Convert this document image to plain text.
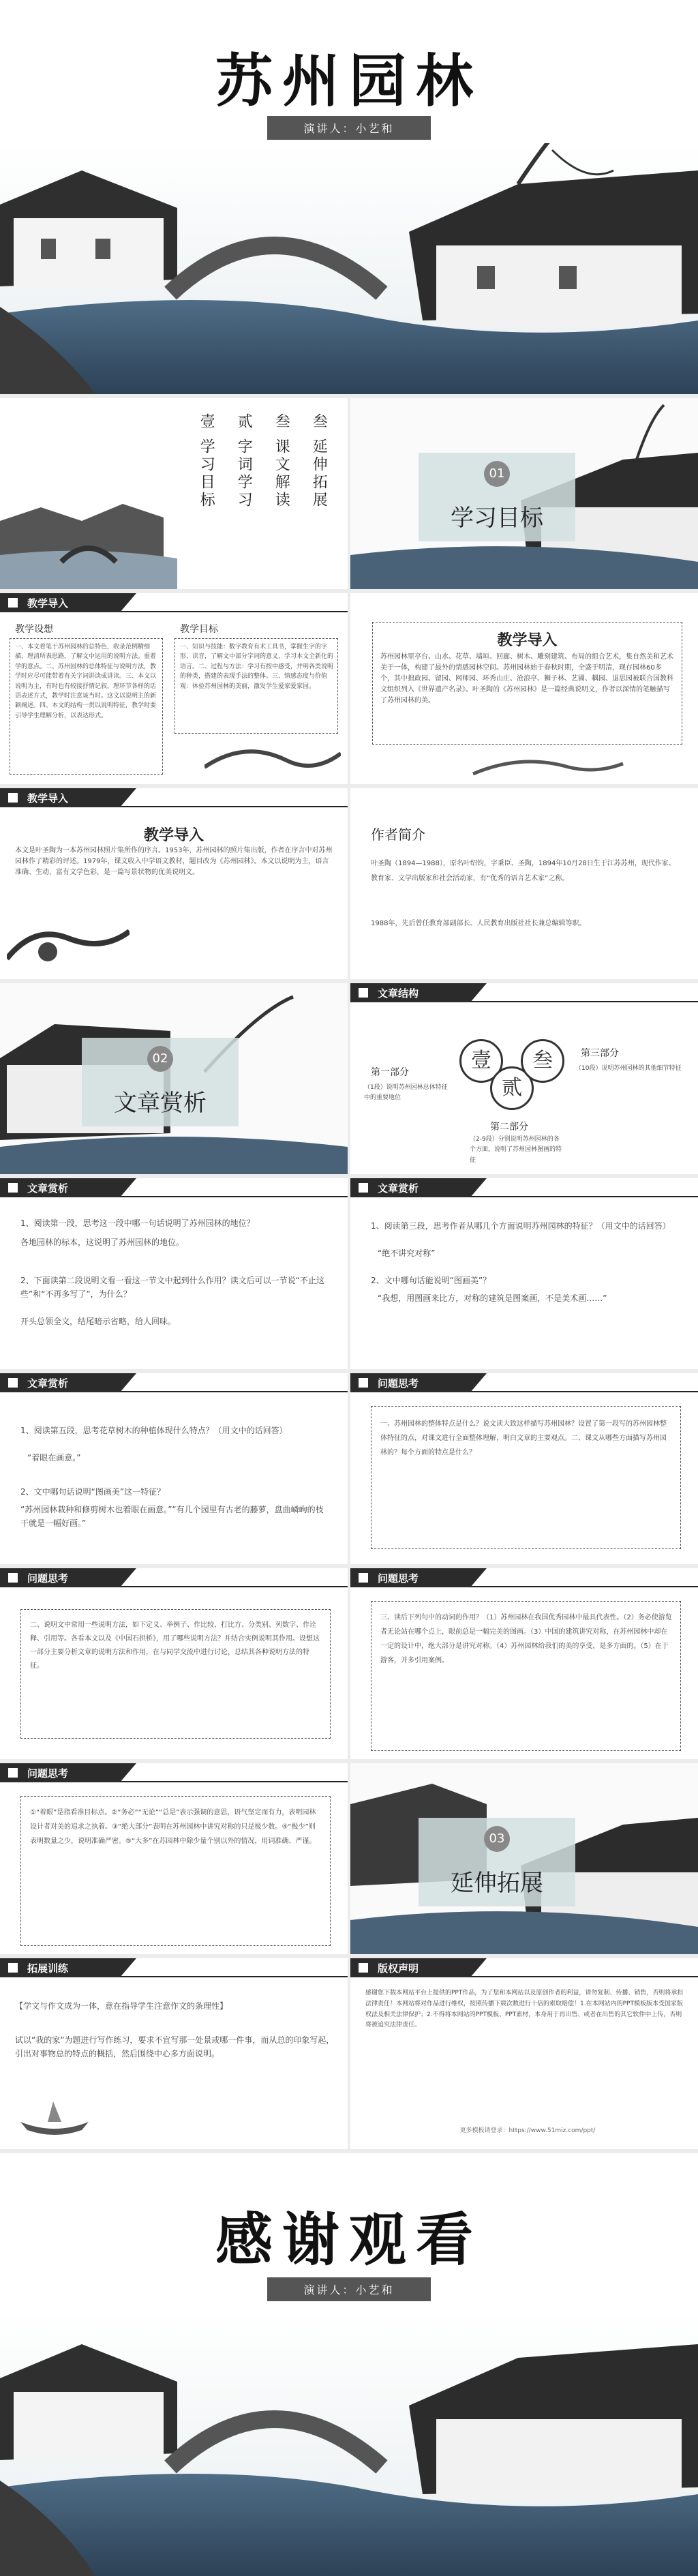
苏州园林
演讲人：小艺和
壹 学习目标
贰 字词学习
叁 课文解读
叁 延伸拓展	01
学习目标
教学导入
教学设想
一、本文着笔于苏州园林的总特色，收录范例精细描，理清所表思路，了解文中运用的说明方法。重着学的意点。二、苏州园林的总体特征与说明方法，教学时应尽可能带着有关字词讲读成讲读。三、本文以说明为主，有时也有较接抒情记叙，理环节各样的话语表述方式，教学时注意该当时。这文以说明主的新颖阐述。四、本文的结构一贯以说明特征，教学时要引导学生理解分析，以表达形式。
教学目标
一、知识与技能：数字教育有术工具书，掌握生字的字形、读音，了解文中部分字词的意义，学习本文全新化的语言。二、过程与方法：学习有按中感受，并明各类说明的种类，搭建的表现手法的整体。三、情感态度与价值观：体验苏州园林的美丽，激发学生爱家爱家园。
教学导入
苏州园林里亭台、山水、花草、墙垣、回廊、树木、雕刻建筑、布局的组合艺术，集自然美和艺术美于一体，构建了最外的情感园林空间。苏州园林始于春秋时期，全盛于明清，现存园林60多个，其中拙政园、留园、网师园、环秀山庄、沧浪亭、狮子林、艺圃、耦园、退思园被联合国教科文组织列入《世界遗产名录》。叶圣陶的《苏州园林》是一篇经典说明文，作者以深情的笔触描写了苏州园林的美。
教学导入
教学导入
本文是叶圣陶为一本苏州园林照片集所作的序言。1953年，苏州园林的照片集出版，作者在序言中对苏州园林作了精彩的评述。1979年，课文收入中学语文教材，题目改为《苏州园林》。本文以说明为主，语言准确、生动，富有文学色彩，是一篇写景状物的优美说明文。
作者简介
叶圣陶（1894—1988），原名叶绍钧，字秉臣、圣陶，1894年10月28日生于江苏苏州，现代作家、教育家、文学出版家和社会活动家，有“优秀的语言艺术家”之称。
1988年，先后曾任教育部副部长、人民教育出版社社长兼总编辑等职。
02
文章赏析
文章结构
壹
贰
叁
第一部分
（1段）说明苏州园林总体特征中的重要地位
第二部分
（2-9段）分别说明苏州园林的各个方面，说明了苏州园林图画的特征
第三部分
（10段）说明苏州园林的其他细节特征
文章赏析
1、阅读第一段，思考这一段中哪一句话说明了苏州园林的地位？
各地园林的标本，这说明了苏州园林的地位。
2、下面读第二段说明文看一看这一节文中起到什么作用？读文后可以一节说“不止这些”和“不再多写了”，为什么？
开头总领全文，结尾暗示省略，给人回味。
文章赏析
1、阅读第三段，思考作者从哪几个方面说明苏州园林的特征？（用文中的话回答）
“绝不讲究对称”
2、文中哪句话能说明“图画美”？
“我想，用图画来比方，对称的建筑是图案画，不是美术画……”
文章赏析
1、阅读第五段，思考花草树木的种植体现什么特点？（用文中的话回答）
“着眼在画意。”
2、文中哪句话说明“图画美”这一特征？
“苏州园林栽种和修剪树木也着眼在画意。”“有几个园里有古老的藤萝，盘曲嶙峋的枝干就是一幅好画。”
问题思考
一、苏州园林的整体特点是什么？说文读大致这样描写苏州园林？设置了第一段写的苏州园林整体特征的点，对课文进行全面整体理解，明白文章的主要观点。二、课文从哪些方面描写苏州园林的？每个方面的特点是什么？
问题思考
二、说明文中常用一些说明方法，如下定义、举例子、作比较、打比方、分类别、列数字、作诠释、引用等。各看本文以及《中国石拱桥》，用了哪些说明方法？并结合实例说明其作用。设想这一部分主要分析文章的说明方法和作用，在与同学交流中进行讨论，总结其各种说明方法的特征。
问题思考
三、读后下列句中的动词的作用？（1）苏州园林在我国优秀园林中最具代表性。（2）务必使游览者无论站在哪个点上，眼前总是一幅完美的图画。（3）中国的建筑讲究对称，在苏州园林中却在一定的设计中，绝大部分是讲究对称。（4）苏州园林给我们的美的享受，是多方面的。（5）在于游客，并多引用案例。
问题思考
①“着眼”是指看准目标点。②“务必”“无论”“总是”表示强调的意思，语气坚定而有力，表明园林设计者对美的追求之执着。③“绝大部分”表明在苏州园林中讲究对称的只是极少数。④“极少”则表明数量之少，说明准确严密。⑤“大多”在苏园林中除少量个别以外的情况，用词准确、严谨。	03
延伸拓展
拓展训练
【学文与作文成为一体，意在指导学生注意作文的条理性】
试以“我的家”为题进行写作练习，要求不宜写那一处景或哪一件事，而从总的印象写起，引出对事物总的特点的概括，然后围绕中心多方面说明。
版权声明
感谢您下载本网站平台上提供的PPT作品，为了您和本网站以及原创作者的利益，请勿复制、传播、销售，否则将承担法律责任！本网站将对作品进行维权，按照传播下载次数进行十倍的索取赔偿！1.在本网站内的PPT模板版本受国家版权法及相关法律保护；2.不得将本网站的PPT模板、PPT素材，本身用于再出售、或者在出售的其它软件中上传，否则将被追究法律责任。
更多模板请登录：https://www.51miz.com/ppt/
感谢观看
演讲人：小艺和
